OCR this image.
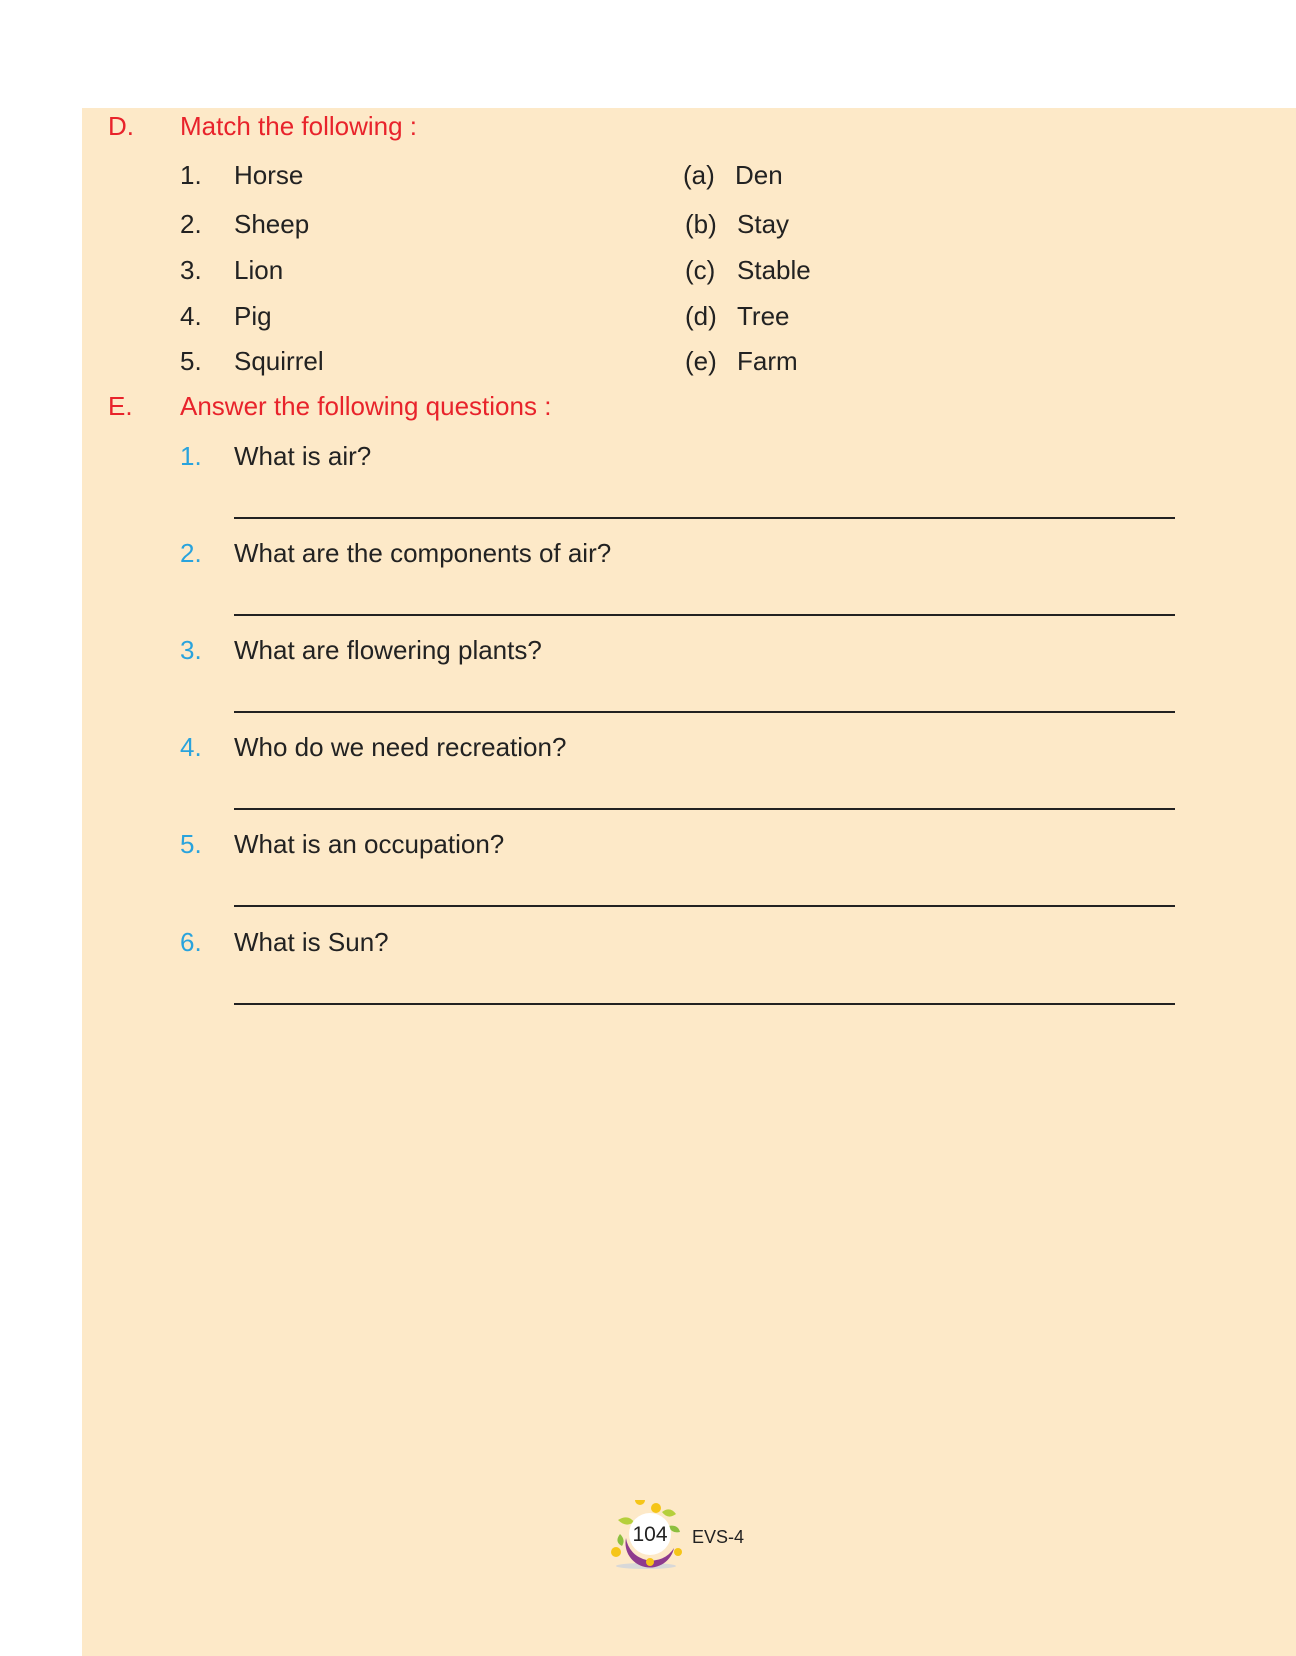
D. Match the following :
1. Horse
2. Sheep
3. Lion
4. Pig
5. Squirrel
(a) Den
(b) Stay
(c) Stable
(d) Tree
(e) Farm
E. Answer the following questions :
1. What is air?
2. What are the components of air?
3. What are flowering plants?
4. Who do we need recreation?
5. What is an occupation?
6. What is Sun?
104 EVS-4
